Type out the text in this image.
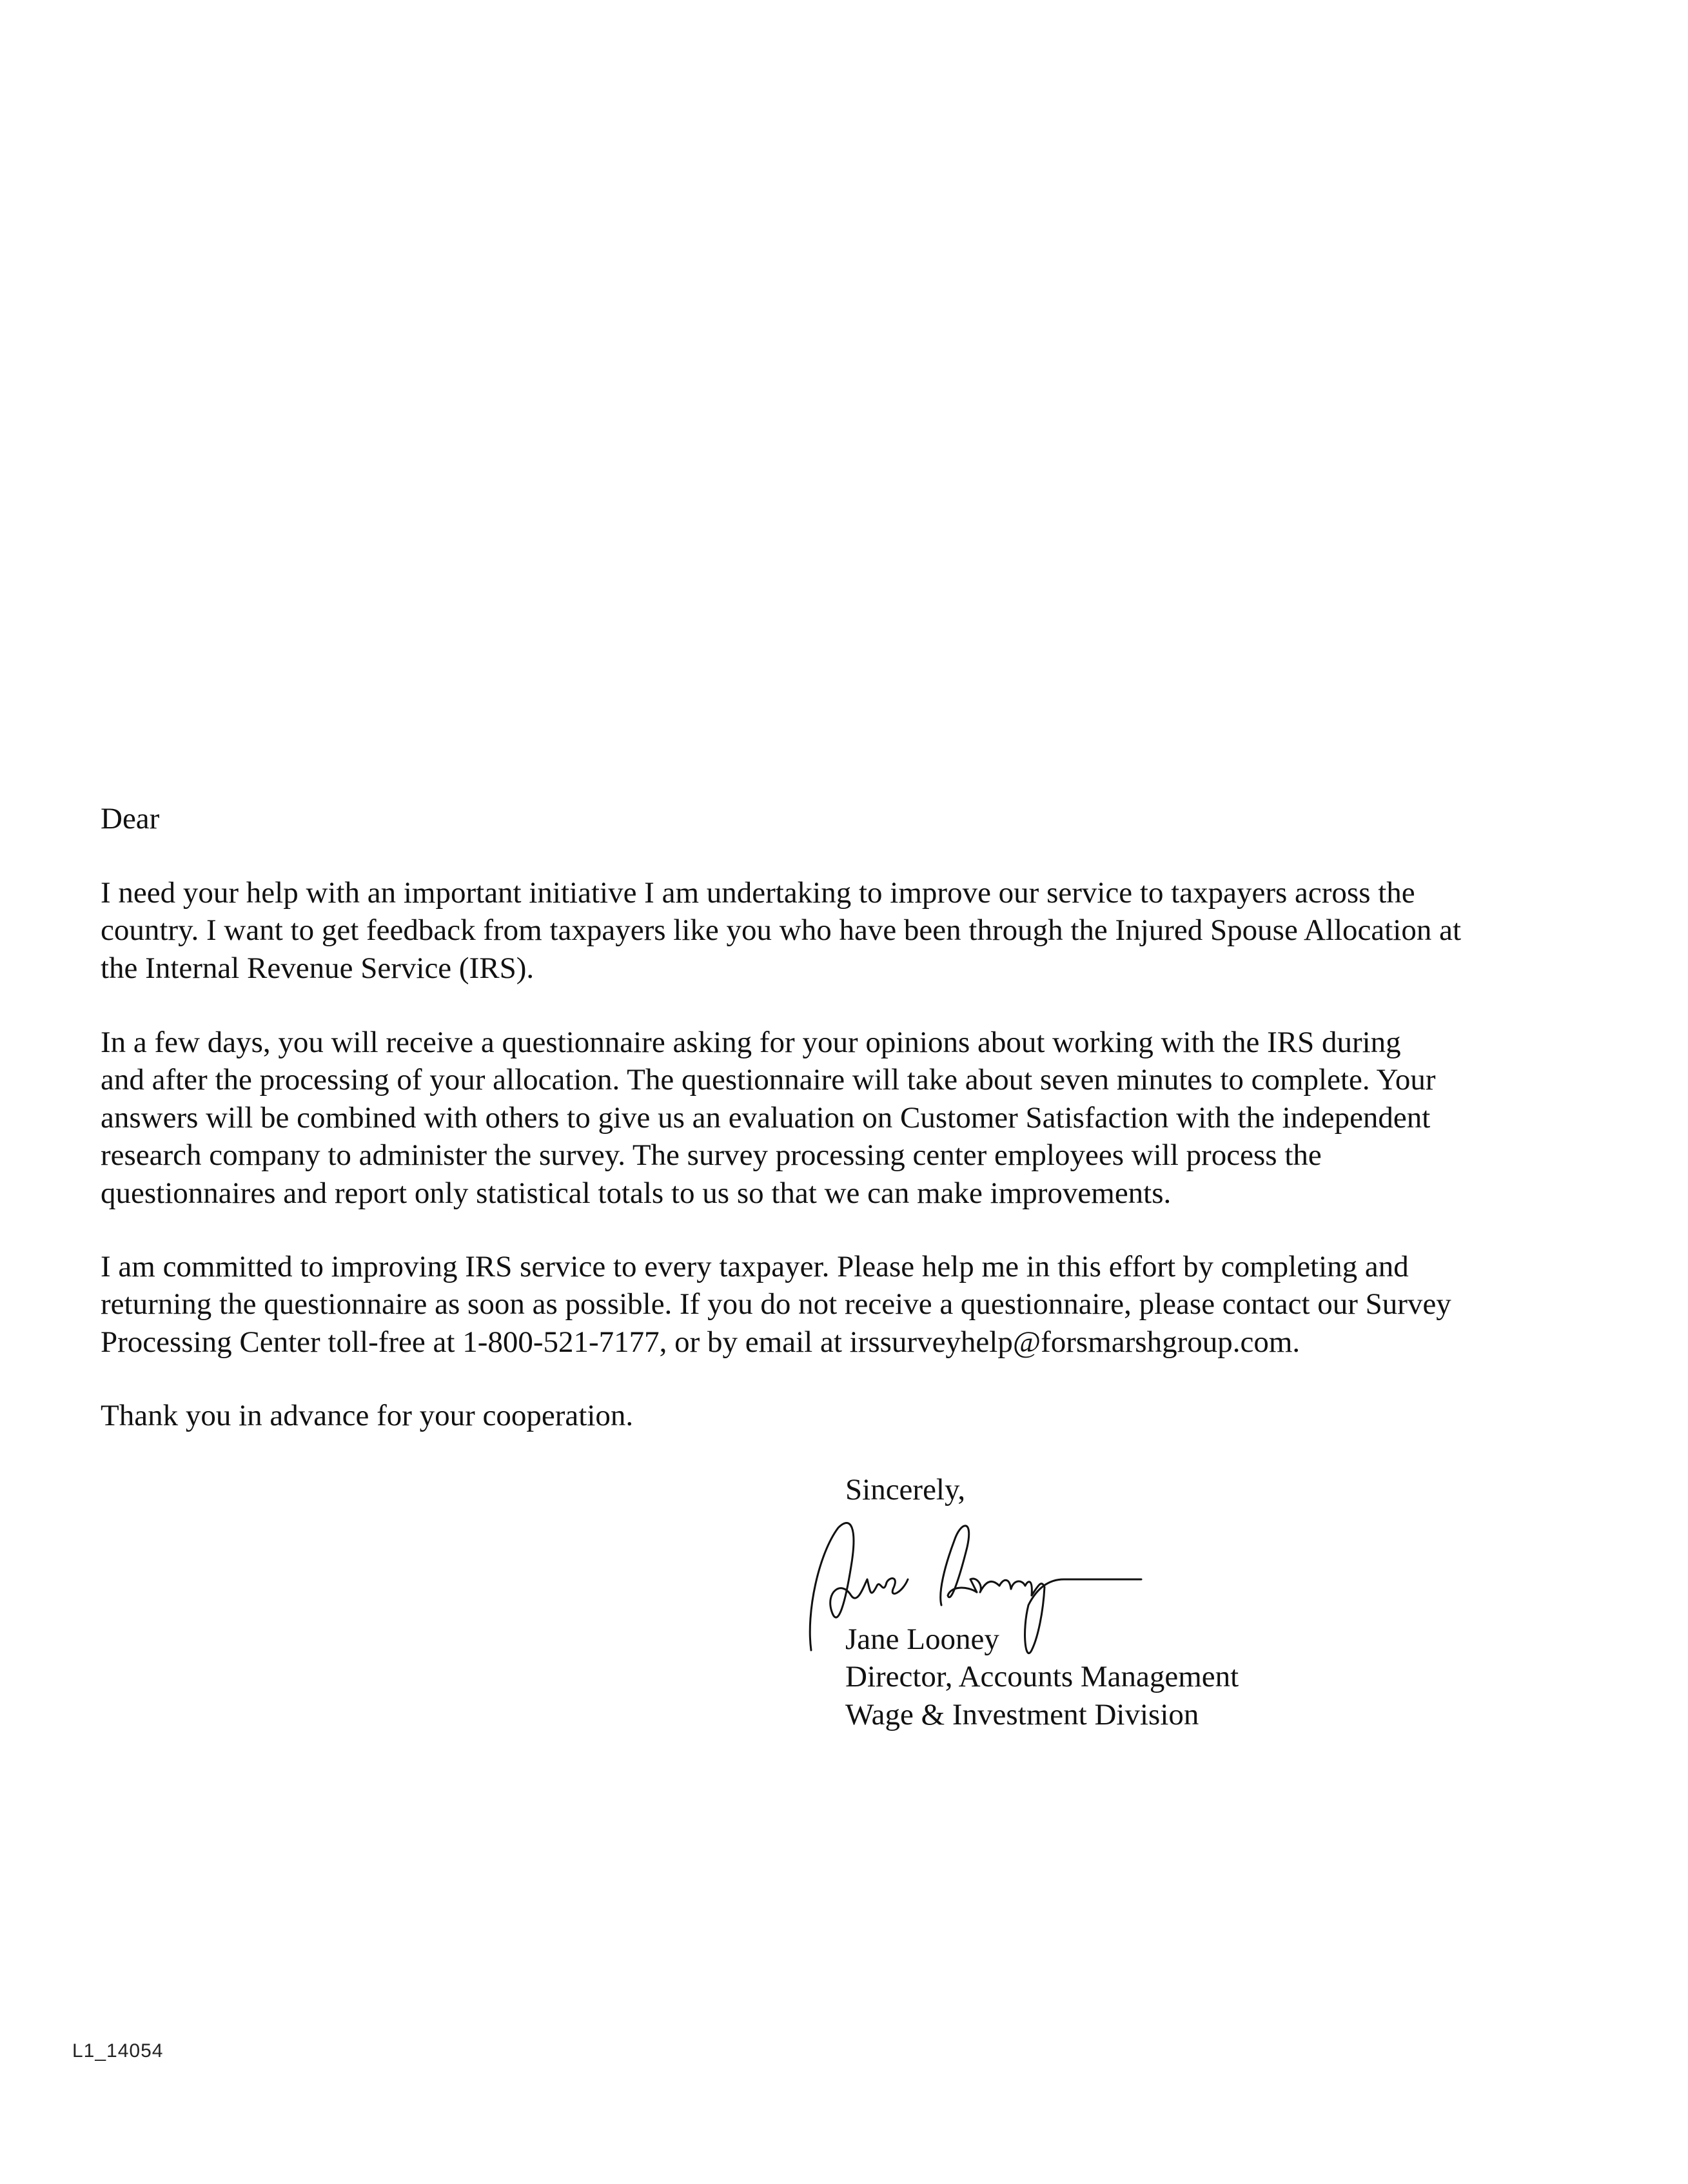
Dear
I need your help with an important initiative I am undertaking to improve our service to taxpayers across the
country. I want to get feedback from taxpayers like you who have been through the Injured Spouse Allocation at
the Internal Revenue Service (IRS).
In a few days, you will receive a questionnaire asking for your opinions about working with the IRS during
and after the processing of your allocation. The questionnaire will take about seven minutes to complete. Your
answers will be combined with others to give us an evaluation on Customer Satisfaction with the independent
research company to administer the survey. The survey processing center employees will process the
questionnaires and report only statistical totals to us so that we can make improvements.
I am committed to improving IRS service to every taxpayer. Please help me in this effort by completing and
returning the questionnaire as soon as possible. If you do not receive a questionnaire, please contact our Survey
Processing Center toll-free at 1-800-521-7177, or by email at irssurveyhelp@forsmarshgroup.com.
Thank you in advance for your cooperation.
Sincerely,
Jane Looney
Director, Accounts Management
Wage & Investment Division
L1_14054
